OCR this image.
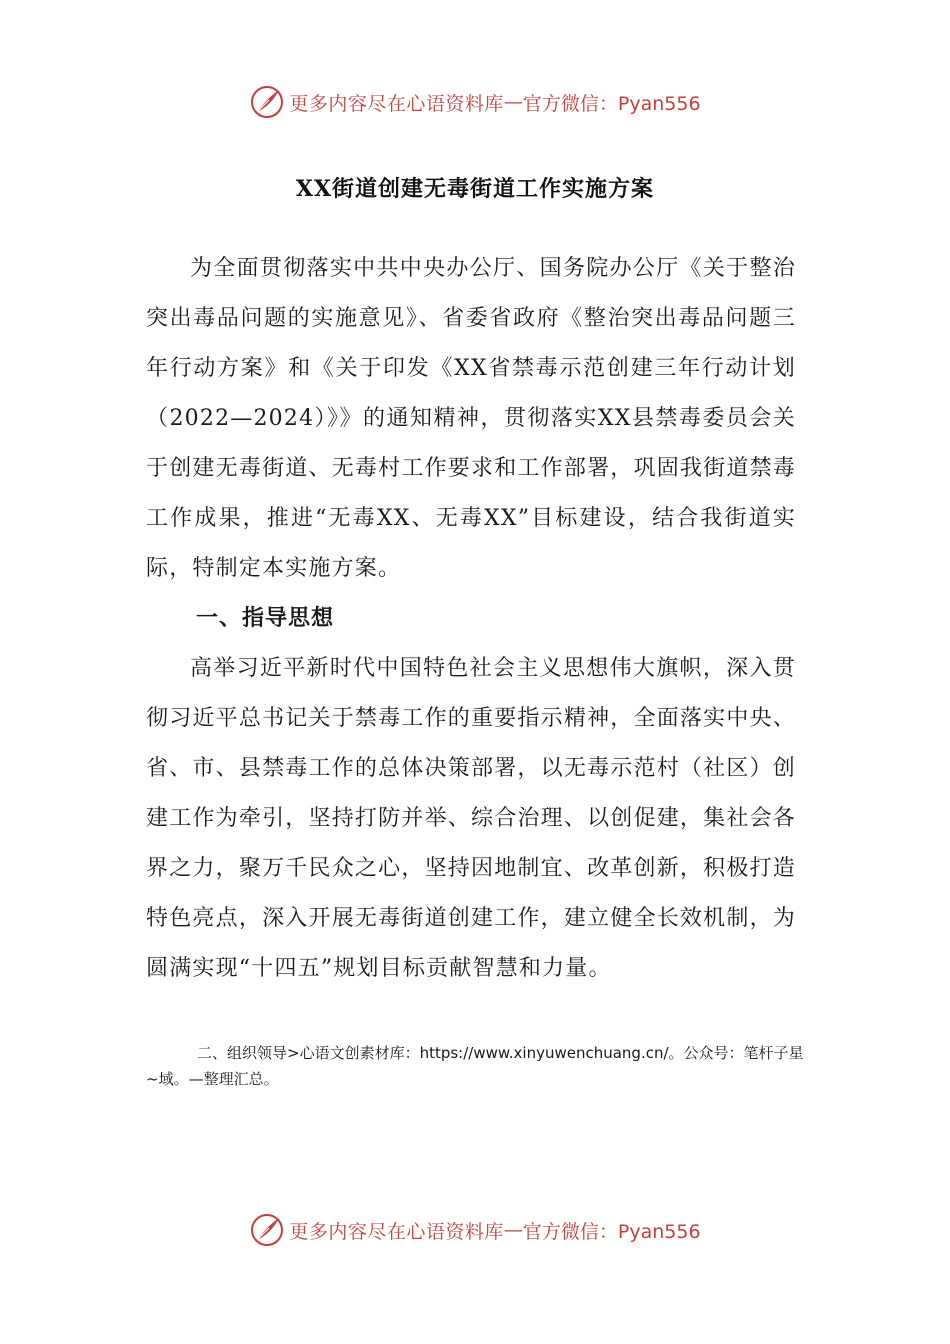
更多内容尽在心语资料库 — 官方微信：Pyan556
XX街道创建无毒街道工作实施方案

为全面贯彻落实中共中央办公厅、国务院办公厅《关于整治突出毒品问题的实施意见》、省委省政府《整治突出毒品问题三年行动方案》和《关于印发《XX省禁毒示范创建三年行动计划（2022—2024）》》的通知精神，贯彻落实XX县禁毒委员会关于创建无毒街道、无毒村工作要求和工作部署，巩固我街道禁毒工作成果，推进“无毒XX、无毒XX”目标建设，结合我街道实际，特制定本实施方案。

一、指导思想

高举习近平新时代中国特色社会主义思想伟大旗帜，深入贯彻习近平总书记关于禁毒工作的重要指示精神，全面落实中央、省、市、县禁毒工作的总体决策部署，以无毒示范村（社区）创建工作为牵引，坚持打防并举、综合治理、以创促建，集社会各界之力，聚万千民众之心，坚持因地制宜、改革创新，积极打造特色亮点，深入开展无毒街道创建工作，建立健全长效机制，为圆满实现“十四五”规划目标贡献智慧和力量。

二、组织领导>心语文创素材库：https://www.xinyuwenchuang.cn/。公众号：笔杆子星~域。—整理汇总。
更多内容尽在心语资料库 — 官方微信：Pyan556
